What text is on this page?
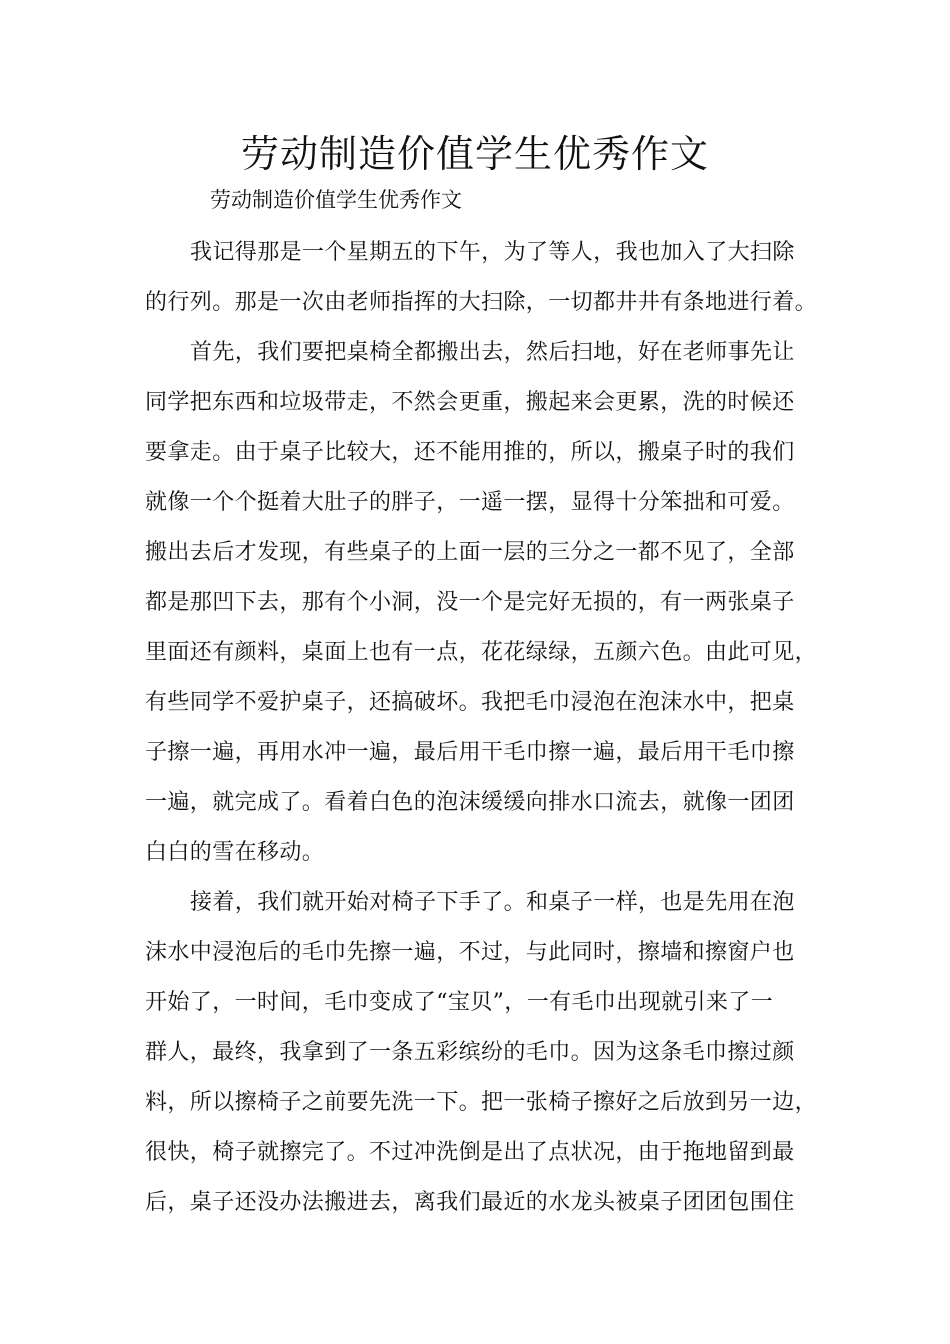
劳动制造价值学生优秀作文

劳动制造价值学生优秀作文

我记得那是一个星期五的下午，为了等人，我也加入了大扫除
的行列。那是一次由老师指挥的大扫除，一切都井井有条地进行着。
首先，我们要把桌椅全都搬出去，然后扫地，好在老师事先让
同学把东西和垃圾带走，不然会更重，搬起来会更累，洗的时候还
要拿走。由于桌子比较大，还不能用推的，所以，搬桌子时的我们
就像一个个挺着大肚子的胖子，一遥一摆，显得十分笨拙和可爱。
搬出去后才发现，有些桌子的上面一层的三分之一都不见了，全部
都是那凹下去，那有个小洞，没一个是完好无损的，有一两张桌子
里面还有颜料，桌面上也有一点，花花绿绿，五颜六色。由此可见，
有些同学不爱护桌子，还搞破坏。我把毛巾浸泡在泡沫水中，把桌
子擦一遍，再用水冲一遍，最后用干毛巾擦一遍，最后用干毛巾擦
一遍，就完成了。看着白色的泡沫缓缓向排水口流去，就像一团团
白白的雪在移动。
接着，我们就开始对椅子下手了。和桌子一样，也是先用在泡
沫水中浸泡后的毛巾先擦一遍，不过，与此同时，擦墙和擦窗户也
开始了，一时间，毛巾变成了“宝贝”，一有毛巾出现就引来了一
群人，最终，我拿到了一条五彩缤纷的毛巾。因为这条毛巾擦过颜
料，所以擦椅子之前要先洗一下。把一张椅子擦好之后放到另一边，
很快，椅子就擦完了。不过冲洗倒是出了点状况，由于拖地留到最
后，桌子还没办法搬进去，离我们最近的水龙头被桌子团团包围住
